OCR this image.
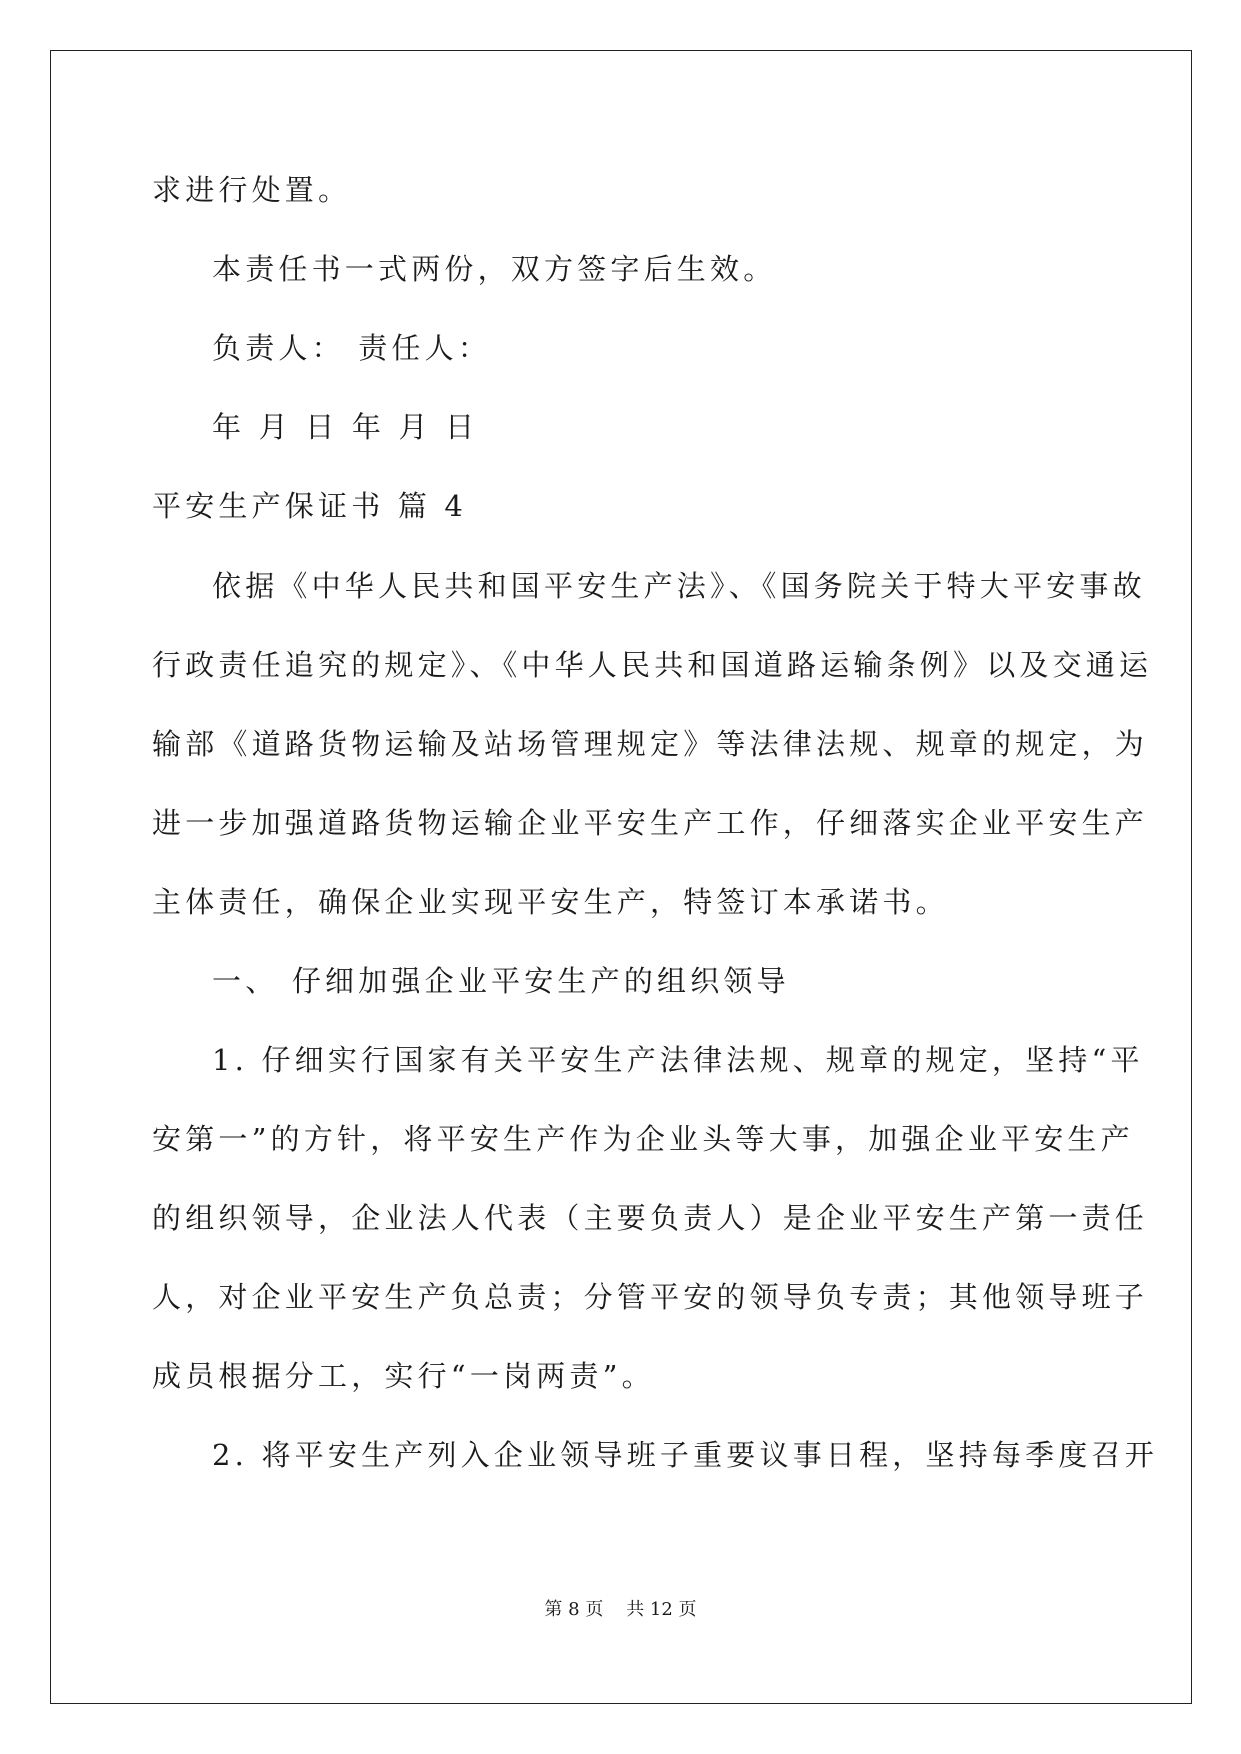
求进行处置。
本责任书一式两份，双方签字后生效。
负责人： 责任人：
年 月 日 年 月 日
平安生产保证书 篇 4
依据《中华人民共和国平安生产法》、《国务院关于特大平安事故
行政责任追究的规定》、《中华人民共和国道路运输条例》以及交通运
输部《道路货物运输及站场管理规定》等法律法规、规章的规定，为
进一步加强道路货物运输企业平安生产工作，仔细落实企业平安生产
主体责任，确保企业实现平安生产，特签订本承诺书。
一、 仔细加强企业平安生产的组织领导
1. 仔细实行国家有关平安生产法律法规、规章的规定，坚持“平
安第一”的方针，将平安生产作为企业头等大事，加强企业平安生产
的组织领导，企业法人代表（主要负责人）是企业平安生产第一责任
人，对企业平安生产负总责；分管平安的领导负专责；其他领导班子
成员根据分工，实行“一岗两责”。
2. 将平安生产列入企业领导班子重要议事日程，坚持每季度召开
第 8 页    共 12 页
